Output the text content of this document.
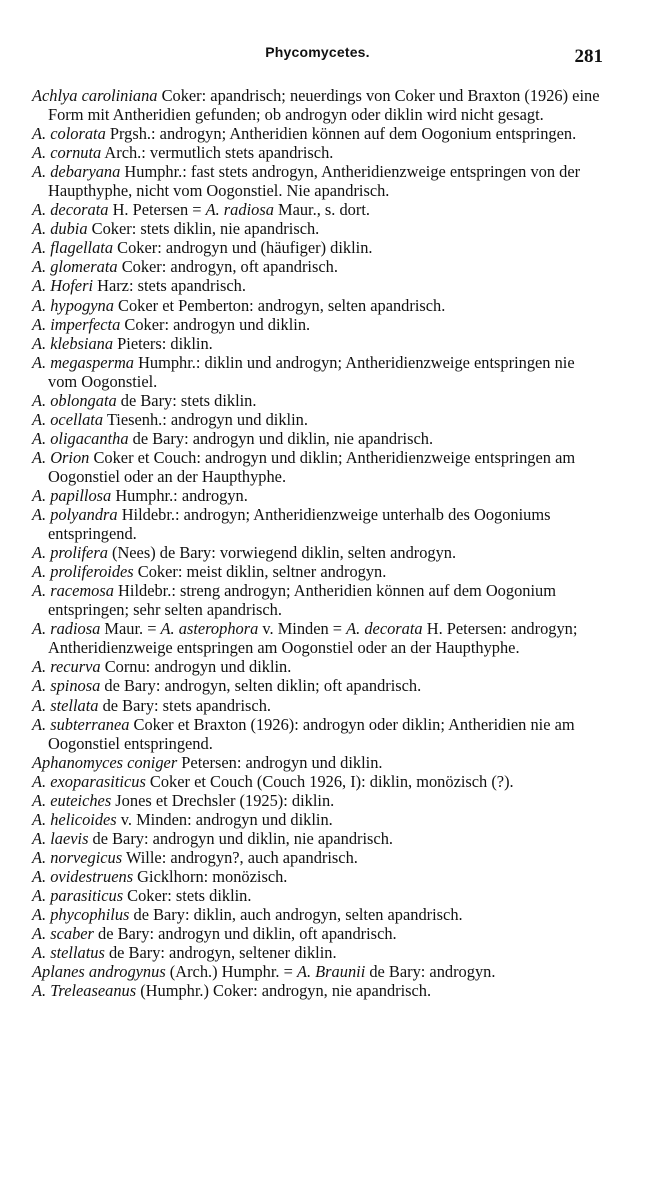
Phycomycetes.	281

Achlya caroliniana Coker: apandrisch; neuerdings von Coker und Braxton (1926) eine Form mit Antheridien gefunden; ob androgyn oder diklin wird nicht gesagt.

A. colorata Prgsh.: androgyn; Antheridien können auf dem Oogonium entspringen.

A. cornuta Arch.: vermutlich stets apandrisch.

A. debaryana Humphr.: fast stets androgyn, Antheridienzweige entspringen von der Haupthyphe, nicht vom Oogonstiel. Nie apandrisch.

A. decorata H. Petersen = A. radiosa Maur., s. dort.

A. dubia Coker: stets diklin, nie apandrisch.

A. flagellata Coker: androgyn und (häufiger) diklin.

A. glomerata Coker: androgyn, oft apandrisch.

A. Hoferi Harz: stets apandrisch.

A. hypogyna Coker et Pemberton: androgyn, selten apandrisch.

A. imperfecta Coker: androgyn und diklin.

A. klebsiana Pieters: diklin.

A. megasperma Humphr.: diklin und androgyn; Antheridienzweige entspringen nie vom Oogonstiel.

A. oblongata de Bary: stets diklin.

A. ocellata Tiesenh.: androgyn und diklin.

A. oligacantha de Bary: androgyn und diklin, nie apandrisch.

A. Orion Coker et Couch: androgyn und diklin; Antheridienzweige entspringen am Oogonstiel oder an der Haupthyphe.

A. papillosa Humphr.: androgyn.

A. polyandra Hildebr.: androgyn; Antheridienzweige unterhalb des Oogoniums entspringend.

A. prolifera (Nees) de Bary: vorwiegend diklin, selten androgyn.

A. proliferoides Coker: meist diklin, seltner androgyn.

A. racemosa Hildebr.: streng androgyn; Antheridien können auf dem Oogonium entspringen; sehr selten apandrisch.

A. radiosa Maur. = A. asterophora v. Minden = A. decorata H. Petersen: androgyn; Antheridienzweige entspringen am Oogonstiel oder an der Haupthyphe.

A. recurva Cornu: androgyn und diklin.

A. spinosa de Bary: androgyn, selten diklin; oft apandrisch.

A. stellata de Bary: stets apandrisch.

A. subterranea Coker et Braxton (1926): androgyn oder diklin; Antheridien nie am Oogonstiel entspringend.

Aphanomyces coniger Petersen: androgyn und diklin.

A. exoparasiticus Coker et Couch (Couch 1926, I): diklin, monözisch (?).

A. euteiches Jones et Drechsler (1925): diklin.

A. helicoides v. Minden: androgyn und diklin.

A. laevis de Bary: androgyn und diklin, nie apandrisch.

A. norvegicus Wille: androgyn?, auch apandrisch.

A. ovidestruens Gicklhorn: monözisch.

A. parasiticus Coker: stets diklin.

A. phycophilus de Bary: diklin, auch androgyn, selten apandrisch.

A. scaber de Bary: androgyn und diklin, oft apandrisch.

A. stellatus de Bary: androgyn, seltener diklin.

Aplanes androgynus (Arch.) Humphr. = A. Braunii de Bary: androgyn.

A. Treleaseanus (Humphr.) Coker: androgyn, nie apandrisch.
